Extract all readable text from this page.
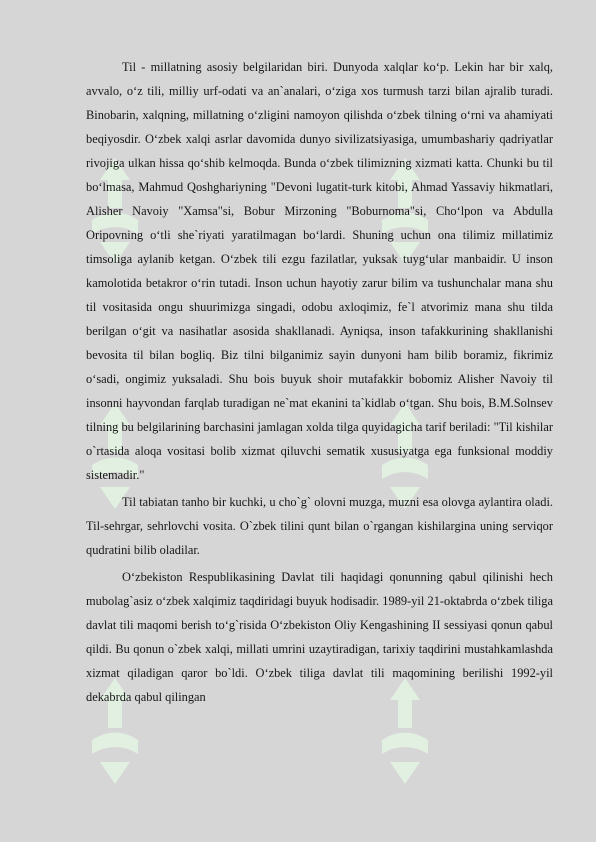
Til - millatning asosiy belgilaridan biri. Dunyoda xalqlar ko‘p. Lekin har bir xalq, avvalo, o‘z tili, milliy urf-odati va an`analari, o‘ziga xos turmush tarzi bilan ajralib turadi. Binobarin, xalqning, millatning o‘zligini namoyon qilishda o‘zbek tilning o‘rni va ahamiyati beqiyosdir. O‘zbek xalqi asrlar davomida dunyo sivilizatsiyasiga, umumbashariy qadriyatlar rivojiga ulkan hissa qo‘shib kelmoqda. Bunda o‘zbek tilimizning xizmati katta. Chunki bu til bo‘lmasa, Mahmud Qoshghariyning "Devoni lugatit-turk kitobi, Ahmad Yassaviy hikmatlari, Alisher Navoiy "Xamsa"si, Bobur Mirzoning "Boburnoma"si, Cho‘lpon va Abdulla Oripovning o‘tli she`riyati yaratilmagan bo‘lardi. Shuning uchun ona tilimiz millatimiz timsoliga aylanib ketgan. O‘zbek tili ezgu fazilatlar, yuksak tuyg‘ular manbaidir. U inson kamolotida betakror o‘rin tutadi. Inson uchun hayotiy zarur bilim va tushunchalar mana shu til vositasida ongu shuurimizga singadi, odobu axloqimiz, fe`l atvorimiz mana shu tilda berilgan o‘git va nasihatlar asosida shakllanadi. Ayniqsa, inson tafakkurining shakllanishi bevosita til bilan bogliq. Biz tilni bilganimiz sayin dunyoni ham bilib boramiz, fikrimiz o‘sadi, ongimiz yuksaladi. Shu bois buyuk shoir mutafakkir bobomiz Alisher Navoiy til insonni hayvondan farqlab turadigan ne`mat ekanini ta`kidlab o‘tgan. Shu bois, B.M.Solnsev tilning bu belgilarining barchasini jamlagan xolda tilga quyidagicha tarif beriladi: "Til kishilar o`rtasida aloqa vositasi bolib xizmat qiluvchi sematik xususiyatga ega funksional moddiy sistemadir."

Til tabiatan tanho bir kuchki, u cho`g` olovni muzga, muzni esa olovga aylantira oladi. Til-sehrgar, sehrlovchi vosita. O`zbek tilini qunt bilan o`rgangan kishilargina uning serviqor qudratini bilib oladilar.

O‘zbekiston Respublikasining Davlat tili haqidagi qonunning qabul qilinishi hech mubolag`asiz o‘zbek xalqimiz taqdiridagi buyuk hodisadir. 1989-yil 21-oktabrda o‘zbek tiliga davlat tili maqomi berish to‘g`risida O‘zbekiston Oliy Kengashining II sessiyasi qonun qabul qildi. Bu qonun o`zbek xalqi, millati umrini uzaytiradigan, tarixiy taqdirini mustahkamlashda xizmat qiladigan qaror bo`ldi. O‘zbek tiliga davlat tili maqomining berilishi 1992-yil dekabrda qabul qilingan
